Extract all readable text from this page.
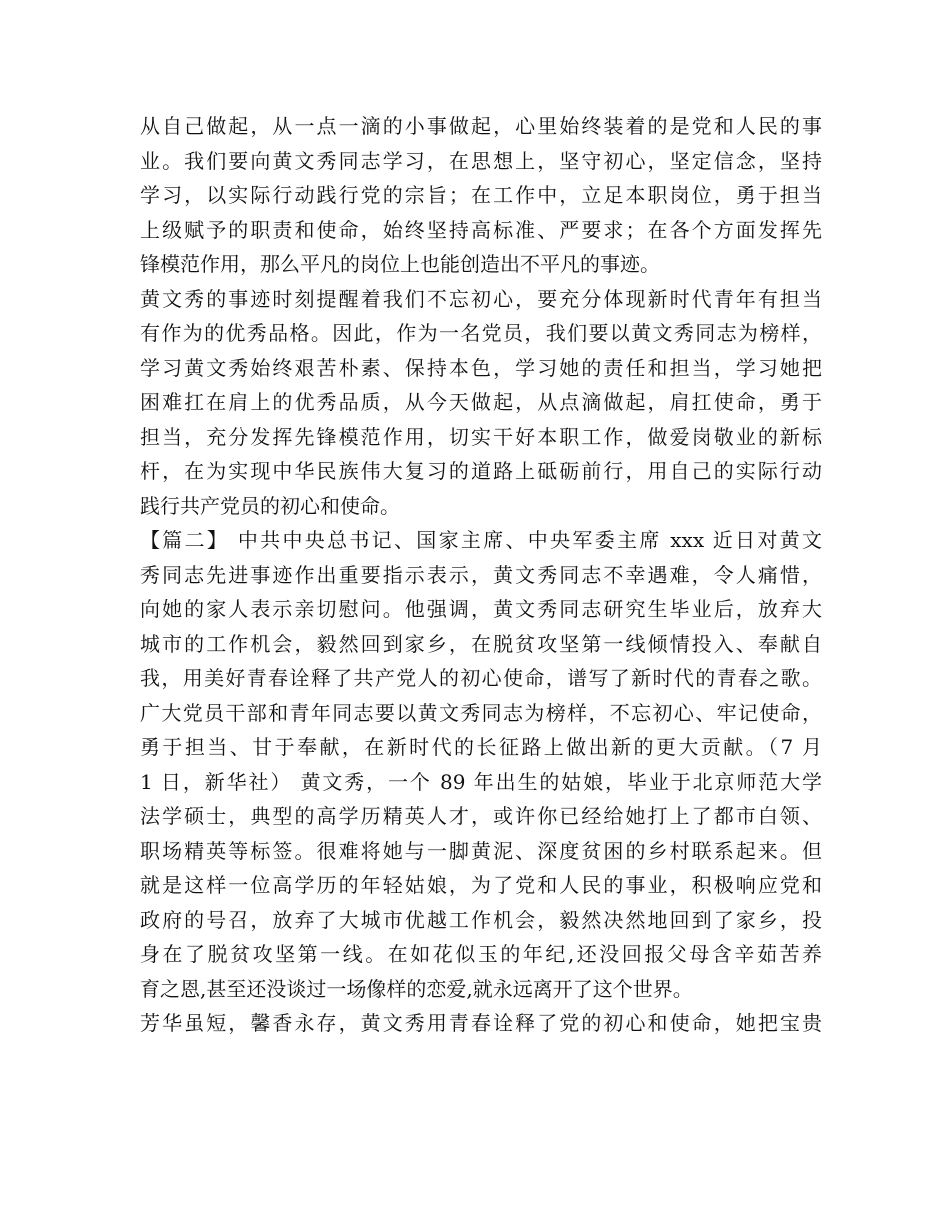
从自己做起，从一点一滴的小事做起，心里始终装着的是党和人民的事
业。我们要向黄文秀同志学习，在思想上，坚守初心，坚定信念，坚持
学习，以实际行动践行党的宗旨；在工作中，立足本职岗位，勇于担当
上级赋予的职责和使命，始终坚持高标准、严要求；在各个方面发挥先
锋模范作用，那么平凡的岗位上也能创造出不平凡的事迹。
黄文秀的事迹时刻提醒着我们不忘初心，要充分体现新时代青年有担当
有作为的优秀品格。因此，作为一名党员，我们要以黄文秀同志为榜样，
学习黄文秀始终艰苦朴素、保持本色，学习她的责任和担当，学习她把
困难扛在肩上的优秀品质，从今天做起，从点滴做起，肩扛使命，勇于
担当，充分发挥先锋模范作用，切实干好本职工作，做爱岗敬业的新标
杆，在为实现中华民族伟大复习的道路上砥砺前行，用自己的实际行动
践行共产党员的初心和使命。
【篇二】 中共中央总书记、国家主席、中央军委主席 xxx 近日对黄文
秀同志先进事迹作出重要指示表示，黄文秀同志不幸遇难，令人痛惜，
向她的家人表示亲切慰问。他强调，黄文秀同志研究生毕业后，放弃大
城市的工作机会，毅然回到家乡，在脱贫攻坚第一线倾情投入、奉献自
我，用美好青春诠释了共产党人的初心使命，谱写了新时代的青春之歌。
广大党员干部和青年同志要以黄文秀同志为榜样，不忘初心、牢记使命，
勇于担当、甘于奉献，在新时代的长征路上做出新的更大贡献。（7 月
1 日，新华社） 黄文秀，一个 89 年出生的姑娘，毕业于北京师范大学
法学硕士，典型的高学历精英人才，或许你已经给她打上了都市白领、
职场精英等标签。很难将她与一脚黄泥、深度贫困的乡村联系起来。但
就是这样一位高学历的年轻姑娘，为了党和人民的事业，积极响应党和
政府的号召，放弃了大城市优越工作机会，毅然决然地回到了家乡，投
身在了脱贫攻坚第一线。在如花似玉的年纪,还没回报父母含辛茹苦养
育之恩,甚至还没谈过一场像样的恋爱,就永远离开了这个世界。
芳华虽短，馨香永存，黄文秀用青春诠释了党的初心和使命，她把宝贵
